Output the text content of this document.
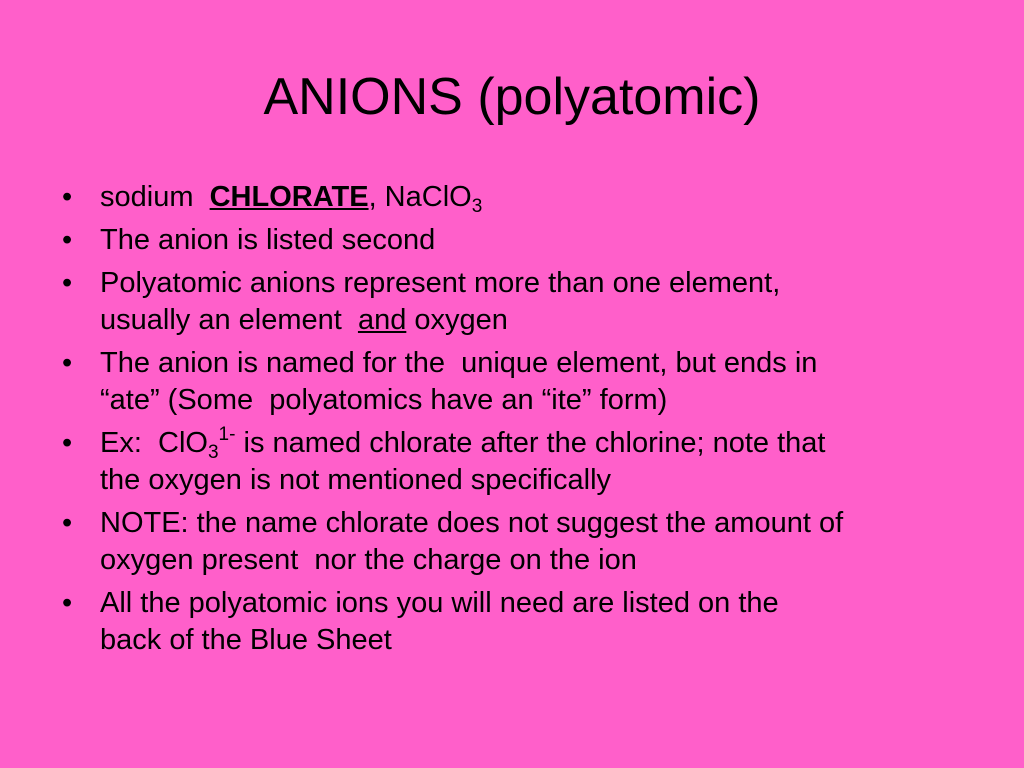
ANIONS (polyatomic)
• sodium  CHLORATE, NaClO$_3$
• The anion is listed second
• Polyatomic anions represent more than one element,
usually an element  and oxygen
• The anion is named for the  unique element, but ends in
“ate” (Some  polyatomics have an “ite” form)
• Ex:  ClO$_3^{1-}$ is named chlorate after the chlorine; note that
the oxygen is not mentioned specifically
• NOTE: the name chlorate does not suggest the amount of
oxygen present  nor the charge on the ion
• All the polyatomic ions you will need are listed on the
back of the Blue Sheet
